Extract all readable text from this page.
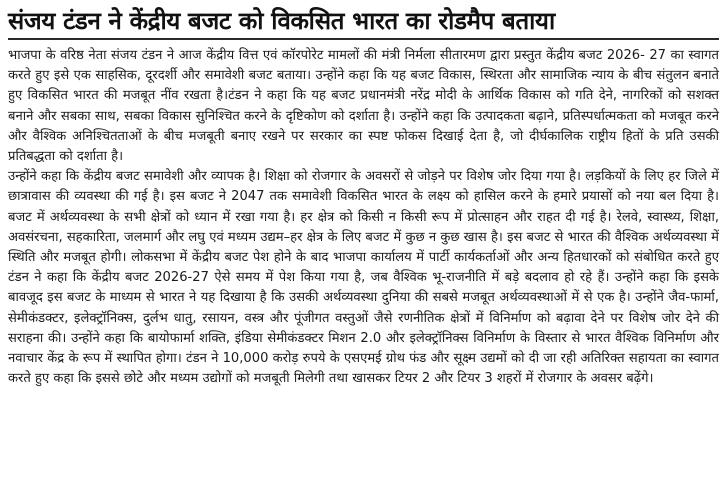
संजय टंडन ने केंद्रीय बजट को विकसित भारत का रोडमैप बताया

भाजपा के वरिष्ठ नेता संजय टंडन ने आज केंद्रीय वित्त एवं कॉरपोरेट मामलों की मंत्री निर्मला सीतारमण द्वारा प्रस्तुत केंद्रीय बजट 2026- 27 का स्वागत करते हुए इसे एक साहसिक, दूरदर्शी और समावेशी बजट बताया। उन्होंने कहा कि यह बजट विकास, स्थिरता और सामाजिक न्याय के बीच संतुलन बनाते हुए विकसित भारत की मजबूत नींव रखता है।टंडन ने कहा कि यह बजट प्रधानमंत्री नरेंद्र मोदी के आर्थिक विकास को गति देने, नागरिकों को सशक्त बनाने और सबका साथ, सबका विकास सुनिश्चित करने के दृष्टिकोण को दर्शाता है। उन्होंने कहा कि उत्पादकता बढ़ाने, प्रतिस्पर्धात्मकता को मजबूत करने और वैश्विक अनिश्चितताओं के बीच मजबूती बनाए रखने पर सरकार का स्पष्ट फोकस दिखाई देता है, जो दीर्घकालिक राष्ट्रीय हितों के प्रति उसकी प्रतिबद्धता को दर्शाता है।

उन्होंने कहा कि केंद्रीय बजट समावेशी और व्यापक है। शिक्षा को रोजगार के अवसरों से जोड़ने पर विशेष जोर दिया गया है। लड़कियों के लिए हर जिले में छात्रावास की व्यवस्था की गई है। इस बजट ने 2047 तक समावेशी विकसित भारत के लक्ष्य को हासिल करने के हमारे प्रयासों को नया बल दिया है। बजट में अर्थव्यवस्था के सभी क्षेत्रों को ध्यान में रखा गया है। हर क्षेत्र को किसी न किसी रूप में प्रोत्साहन और राहत दी गई है। रेलवे, स्वास्थ्य, शिक्षा, अवसंरचना, सहकारिता, जलमार्ग और लघु एवं मध्यम उद्यम–हर क्षेत्र के लिए बजट में कुछ न कुछ खास है। इस बजट से भारत की वैश्विक अर्थव्यवस्था में स्थिति और मजबूत होगी। लोकसभा में केंद्रीय बजट पेश होने के बाद भाजपा कार्यालय में पार्टी कार्यकर्ताओं और अन्य हितधारकों को संबोधित करते हुए टंडन ने कहा कि केंद्रीय बजट 2026-27 ऐसे समय में पेश किया गया है, जब वैश्विक भू-राजनीति में बड़े बदलाव हो रहे हैं। उन्होंने कहा कि इसके बावजूद इस बजट के माध्यम से भारत ने यह दिखाया है कि उसकी अर्थव्यवस्था दुनिया की सबसे मजबूत अर्थव्यवस्थाओं में से एक है। उन्होंने जैव-फार्मा, सेमीकंडक्टर, इलेक्ट्रॉनिक्स, दुर्लभ धातु, रसायन, वस्त्र और पूंजीगत वस्तुओं जैसे रणनीतिक क्षेत्रों में विनिर्माण को बढ़ावा देने पर विशेष जोर देने की सराहना की। उन्होंने कहा कि बायोफार्मा शक्ति, इंडिया सेमीकंडक्टर मिशन 2.0 और इलेक्ट्रॉनिक्स विनिर्माण के विस्तार से भारत वैश्विक विनिर्माण और नवाचार केंद्र के रूप में स्थापित होगा। टंडन ने 10,000 करोड़ रुपये के एसएमई ग्रोथ फंड और सूक्ष्म उद्यमों को दी जा रही अतिरिक्त सहायता का स्वागत करते हुए कहा कि इससे छोटे और मध्यम उद्योगों को मजबूती मिलेगी तथा खासकर टियर 2 और टियर 3 शहरों में रोजगार के अवसर बढ़ेंगे।
